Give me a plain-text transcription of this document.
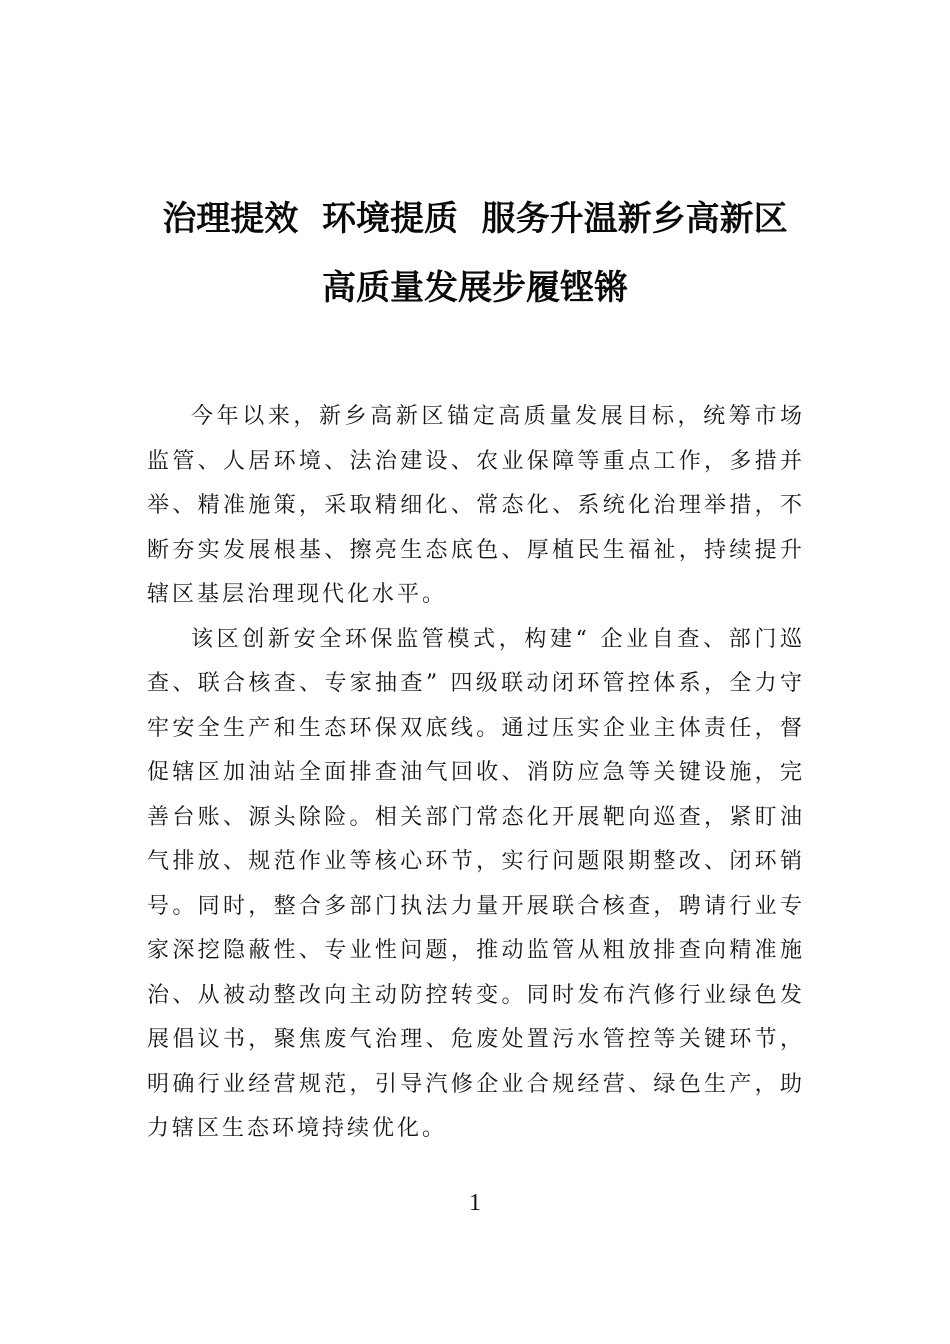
治理提效  环境提质  服务升温新乡高新区
高质量发展步履铿锵

今年以来，新乡高新区锚定高质量发展目标，统筹市场监管、人居环境、法治建设、农业保障等重点工作，多措并举、精准施策，采取精细化、常态化、系统化治理举措，不断夯实发展根基、擦亮生态底色、厚植民生福祉，持续提升辖区基层治理现代化水平。

该区创新安全环保监管模式，构建“ 企业自查、部门巡查、联合核查、专家抽查” 四级联动闭环管控体系，全力守牢安全生产和生态环保双底线。通过压实企业主体责任，督促辖区加油站全面排查油气回收、消防应急等关键设施，完善台账、源头除险。相关部门常态化开展靶向巡查，紧盯油气排放、规范作业等核心环节，实行问题限期整改、闭环销号。同时，整合多部门执法力量开展联合核查，聘请行业专家深挖隐蔽性、专业性问题，推动监管从粗放排查向精准施治、从被动整改向主动防控转变。同时发布汽修行业绿色发展倡议书，聚焦废气治理、危废处置污水管控等关键环节，明确行业经营规范，引导汽修企业合规经营、绿色生产，助力辖区生态环境持续优化。

1
